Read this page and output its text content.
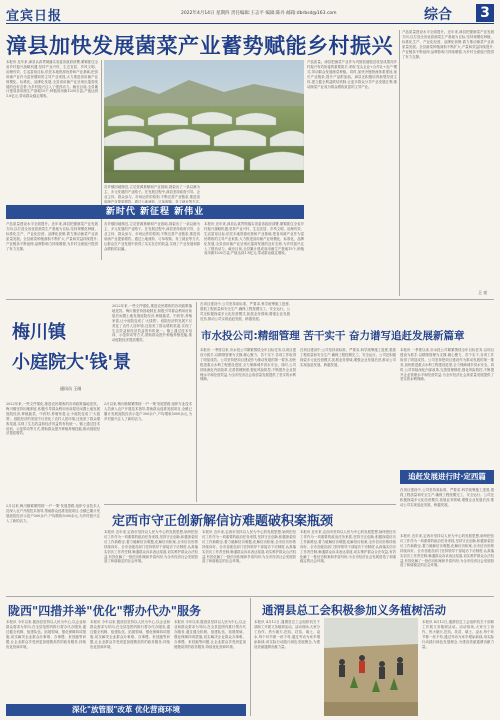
宜宾日报	2022年4月14日 星期四 责任编辑:王志平 编辑:陈丹 邮箱:dbrbsd@163.com	综合 3
漳县加快发展菌菜产业蓄势赋能乡村振兴
本报讯 近年来,漳县认真贯彻落实省委省政府部署,紧紧抓住全省乡村振兴战略机遇,坚持产业兴村、生态宜居、乡风文明、治理有效、生活富裕目标,依托本地资源优势和产业基础,把食用菌产业作为富民增收的主导产业来抓,大力推进食用菌产业规模化、标准化、品牌化发展,全县食用菌产业呈现出蓬勃发展的良好态势,为乡村振兴注入了强劲动力。截至目前,全县累计建成食用菌生产基地15个,种植食用菌1200万袋,产值达到1.8亿元,带动群众稳定增收。
新时代 新征程 新伟业
各乡镇因地制宜,立足资源禀赋和产业基础,探索出了一条以菌为主、多元发展的产业路子。在发展过程中,漳县坚持政府引导、企业主体、群众参与、市场运作的原则,不断完善产业链条,推进食用菌产业提质增效。通过土地流转、订单收购、务工就业等方式,
产品质量。漳县把菌菜产业作为巩固拓展脱贫攻坚成果同乡村振兴有效衔接的重要抓手,采取'龙头企业+合作社+农户'模式,带动群众发展菌菜种植。同时,加快冷链物流体系建设,延长产业链条,提升产品附加值。漳县还积极培育新型经营主体,建立健全利益联结机制,让更多群众分享产业发展红利,推动菌菜产业成为群众增收致富的主导产业。
产品质量建设水平全面提升。近年来,漳县把握菌菜产业发展方向,以打造全省优质菌菜生产基地为目标,坚持规模化种植、标准化生产、产业化经营、品牌化营销,着力推动菌菜产业高质量发展。全县菌菜种植面积不断扩大,产量和效益持续提升,产业链条不断延伸,品牌影响力持续增强,为乡村全面振兴提供了有力支撑。
王 亮
各乡镇因地制宜,立足资源禀赋和产业基础,探索出了一条以菌为主、多元发展的产业路子。在发展过程中,漳县坚持政府引导、企业主体、群众参与、市场运作的原则,不断完善产业链条,推进食用菌产业提质增效。通过土地流转、订单收购、务工就业等方式,让群众在产业发展中获得了实实在在的收益,实现了产业发展和群众增收的双赢。
本报讯 近年来,漳县认真贯彻落实省委省政府部署,紧紧抓住全省乡村振兴战略机遇,坚持产业兴村、生态宜居、乡风文明、治理有效、生活富裕目标,依托本地资源优势和产业基础,把食用菌产业作为富民增收的主导产业来抓,大力推进食用菌产业规模化、标准化、品牌化发展,全县食用菌产业呈现出蓬勃发展的良好态势,为乡村振兴注入了强劲动力。截至目前,全县累计建成食用菌生产基地15个,种植食用菌1200万袋,产值达到1.8亿元,带动群众稳定增收。
产品质量建设水平全面提升。近年来,漳县把握菌菜产业发展方向,以打造全省优质菌菜生产基地为目标,坚持规模化种植、标准化生产、产业化经营、品牌化营销,着力推动菌菜产业高质量发展。全县菌菜种植面积不断扩大,产量和效益持续提升,产业链条不断延伸,品牌影响力持续增强,为乡村全面振兴提供了有力支撑。
梅川镇
小庭院大'钱'景
通讯员 王刚
2022年来,一些文件强化,推进农民增收的各项政策落地见效。梅川镇坚持因地制宜,积极引导群众利用房前屋后闲置土地发展庭院经济,种植蔬菜、中药材,养殖家禽,让小庭院变成了'大钱景'。庭院经济的发展不仅美化了农村人居环境,还拓宽了群众增收渠道,实现了生态效益和经济效益的有机统一。镇上通过技术培训、示范带动等方式,帮助群众提升种植养殖技能,推动庭院经济提质增效。
2022年来,一些文件强化,推进农民增收的各项政策落地见效。梅川镇坚持因地制宜,积极引导群众利用房前屋后闲置土地发展庭院经济,种植蔬菜、中药材,养殖家禽,让小庭院变成了'大钱景'。庭院经济的发展不仅美化了农村人居环境,还拓宽了群众增收渠道,实现了生态效益和经济效益的有机统一。镇上通过技术培训、示范带动等方式,帮助群众提升种植养殖技能,推动庭院经济提质增效。
2月以来,梅川镇紧紧围绕'一户一策'发展思路,组织专业技术人员深入农户开展技术指导,帮助群众选准发展项目,全镇已累计发展庭院经济示范户300余户,户均增收5000余元,为乡村振兴注入了新的活力。
在项目建设中,公司坚持高标准、严要求,科学统筹施工进度,狠抓工程质量和安全生产,确保工程按期完工、安全运行。公司还积极探索多元化经营模式,拓展业务领域,增强企业发展后劲,推动公司实现追赶发展、跨越发展。
市水投公司:精细管理 苦干实干 奋力谱写追赶发展新篇章
本报讯 一季度以来,市水投公司紧紧围绕全年目标任务,以项目建设为抓手,以精细管理为支撑,凝心聚力、苦干实干,各项工作取得了明显成效。公司坚持把项目建设作为推动发展的第一要务,加快推进重点水利工程建设进度,全力保障城乡供水安全。同时,公司持续深化内部改革,完善管理制度,强化风险防控,不断提升企业管理水平和经营效益,为全市经济社会高质量发展提供了坚实的水利保障。
在项目建设中,公司坚持高标准、严要求,科学统筹施工进度,狠抓工程质量和安全生产,确保工程按期完工、安全运行。公司还积极探索多元化经营模式,拓展业务领域,增强企业发展后劲,推动公司实现追赶发展、跨越发展。
本报讯 一季度以来,市水投公司紧紧围绕全年目标任务,以项目建设为抓手,以精细管理为支撑,凝心聚力、苦干实干,各项工作取得了明显成效。公司坚持把项目建设作为推动发展的第一要务,加快推进重点水利工程建设进度,全力保障城乡供水安全。同时,公司持续深化内部改革,完善管理制度,强化风险防控,不断提升企业管理水平和经营效益,为全市经济社会高质量发展提供了坚实的水利保障。
追赶发展进行时·定西篇
在项目建设中,公司坚持高标准、严要求,科学统筹施工进度,狠抓工程质量和安全生产,确保工程按期完工、安全运行。公司还积极探索多元化经营模式,拓展业务领域,增强企业发展后劲,推动公司实现追赶发展、跨越发展。
定西市守正创新解信访难题破积案瓶颈
本报讯 近年来,定西市坚持以人民为中心的发展思想,始终把信访工作作为一项重要的政治任务来抓,坚持守正创新,积极探索信访工作新路径,着力破解信访难题,化解信访积案,全市信访形势持续向好。全市各级各部门坚持领导干部接访下访制度,认真落实信访工作责任制,畅通群众诉求表达渠道,切实维护群众合法权益,有效化解了一批信访积案和矛盾纠纷,为全市经济社会发展营造了和谐稳定的社会环境。
本报讯 近年来,定西市坚持以人民为中心的发展思想,始终把信访工作作为一项重要的政治任务来抓,坚持守正创新,积极探索信访工作新路径,着力破解信访难题,化解信访积案,全市信访形势持续向好。全市各级各部门坚持领导干部接访下访制度,认真落实信访工作责任制,畅通群众诉求表达渠道,切实维护群众合法权益,有效化解了一批信访积案和矛盾纠纷,为全市经济社会发展营造了和谐稳定的社会环境。
本报讯 近年来,定西市坚持以人民为中心的发展思想,始终把信访工作作为一项重要的政治任务来抓,坚持守正创新,积极探索信访工作新路径,着力破解信访难题,化解信访积案,全市信访形势持续向好。全市各级各部门坚持领导干部接访下访制度,认真落实信访工作责任制,畅通群众诉求表达渠道,切实维护群众合法权益,有效化解了一批信访积案和矛盾纠纷,为全市经济社会发展营造了和谐稳定的社会环境。
本报讯 近年来,定西市坚持以人民为中心的发展思想,始终把信访工作作为一项重要的政治任务来抓,坚持守正创新,积极探索信访工作新路径,着力破解信访难题,化解信访积案,全市信访形势持续向好。全市各级各部门坚持领导干部接访下访制度,认真落实信访工作责任制,畅通群众诉求表达渠道,切实维护群众合法权益,有效化解了一批信访积案和矛盾纠纷,为全市经济社会发展营造了和谐稳定的社会环境。
2月以来,梅川镇紧紧围绕'一户一策'发展思路,组织专业技术人员深入农户开展技术指导,帮助群众选准发展项目,全镇已累计发展庭院经济示范户300余户,户均增收5000余元,为乡村振兴注入了新的活力。
陇西"四措并举"优化"帮办代办"服务
本报讯 今年以来,陇西县坚持以人民为中心,以企业和群众需求为导向,在全县范围内推行帮办代办服务,通过健全机制、组建队伍、拓展领域、强化保障四项措施,切实解决企业群众办事难、办事慢、来回跑等问题,让企业群众享受到更加便捷高效的政务服务,持续优化营商环境。
本报讯 今年以来,陇西县坚持以人民为中心,以企业和群众需求为导向,在全县范围内推行帮办代办服务,通过健全机制、组建队伍、拓展领域、强化保障四项措施,切实解决企业群众办事难、办事慢、来回跑等问题,让企业群众享受到更加便捷高效的政务服务,持续优化营商环境。
本报讯 今年以来,陇西县坚持以人民为中心,以企业和群众需求为导向,在全县范围内推行帮办代办服务,通过健全机制、组建队伍、拓展领域、强化保障四项措施,切实解决企业群众办事难、办事慢、来回跑等问题,让企业群众享受到更加便捷高效的政务服务,持续优化营商环境。
深化"放管服"改革 优化营商环境
通渭县总工会积极参加义务植树活动
本报讯 4月12日,通渭县总工会组织机关干部职工开展义务植树活动。活动现场,大家分工协作、热火朝天,挖坑、扶苗、填土、浇水,每个环节都一丝不苟,通过劳动为家乡增添新绿,用实际行动践行绿色发展理念,为建设美丽通渭贡献力量。
本报讯 4月12日,通渭县总工会组织机关干部职工开展义务植树活动。活动现场,大家分工协作、热火朝天,挖坑、扶苗、填土、浇水,每个环节都一丝不苟,通过劳动为家乡增添新绿,用实际行动践行绿色发展理念,为建设美丽通渭贡献力量。
